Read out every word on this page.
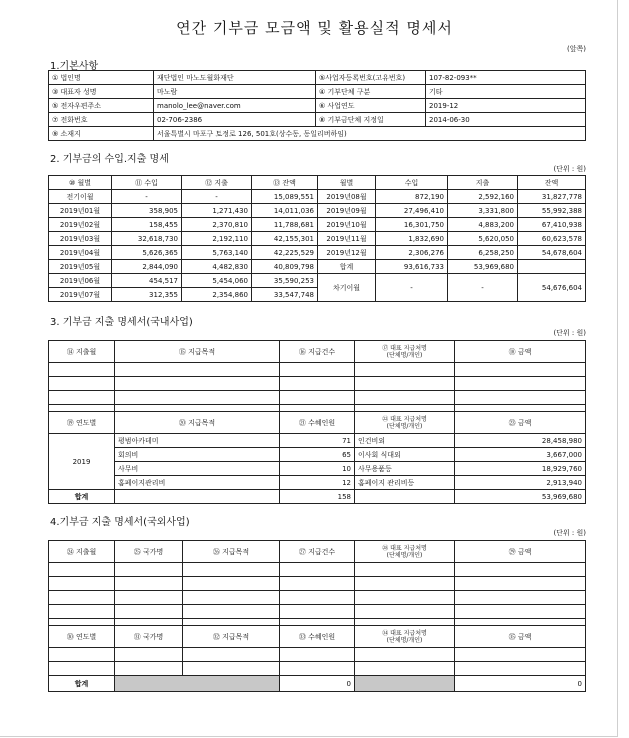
연간 기부금 모금액 및 활용실적 명세서
(앞쪽)
1.기본사항
① 법인명	재단법인 마노도월화재단	⑤사업자등록번호(고유번호)	107-82-093**
③ 대표자 성명	마노람	④ 기부단체 구분	기타
⑤ 전자우편주소	manolo_lee@naver.com	⑥ 사업연도	2019-12
⑦ 전화번호	02-706-2386	⑧ 기부금단체 지정일	2014-06-30
⑨ 소재지	서울특별시 마포구 토정로 126, 501호(상수동, 동일리버하임)		
2. 기부금의 수입.지출 명세
(단위 : 원)
⑩ 월별	⑪ 수입	⑫ 지출	⑬ 잔액	월별	수입	지출	잔액
전기이월	-	-	15,089,551	2019년08월	872,190	2,592,160	31,827,778
2019년01월	358,905	1,271,430	14,011,036	2019년09월	27,496,410	3,331,800	55,992,388
2019년02월	158,455	2,370,810	11,788,681	2019년10월	16,301,750	4,883,200	67,410,938
2019년03월	32,618,730	2,192,110	42,155,301	2019년11월	1,832,690	5,620,050	60,623,578
2019년04월	5,626,365	5,763,140	42,225,529	2019년12월	2,306,276	6,258,250	54,678,604
2019년05월	2,844,090	4,482,830	40,809,798	합계	93,616,733	53,969,680	
2019년06월	454,517	5,454,060	35,590,253	차기이월	-	-	54,676,604
2019년07월	312,355	2,354,860	33,547,748				
3. 기부금 지출 명세서(국내사업)
(단위 : 원)
⑭ 지출월	⑮ 지급목적	⑯ 지급건수	⑰ 대표 지급처명
(단체명/개인)	⑱ 금액

⑲ 연도별	⑳ 지급목적	㉑ 수혜인원	㉒ 대표 지급처명
(단체명/개인)	㉓ 금액
2019	평범아카데미	71	인건비외	28,458,980
	회의비	65	이사회 식대외	3,667,000
	사무비	10	사무용품등	18,929,760
	홈페이지관리비	12	홈페이지 관리비등	2,913,940
합계		158		53,969,680
4.기부금 지출 명세서(국외사업)
(단위 : 원)
㉔ 지출월	㉕ 국가명	㉖ 지급목적	㉗ 지급건수	㉘ 대표 지급처명
(단체명/개인)	㉙ 금액

㉚ 연도별	㉛ 국가명	㉜ 지급목적	㉝ 수혜인원	㉞ 대표 지급처명
(단체명/개인)	㉟ 금액

합계			0		0
